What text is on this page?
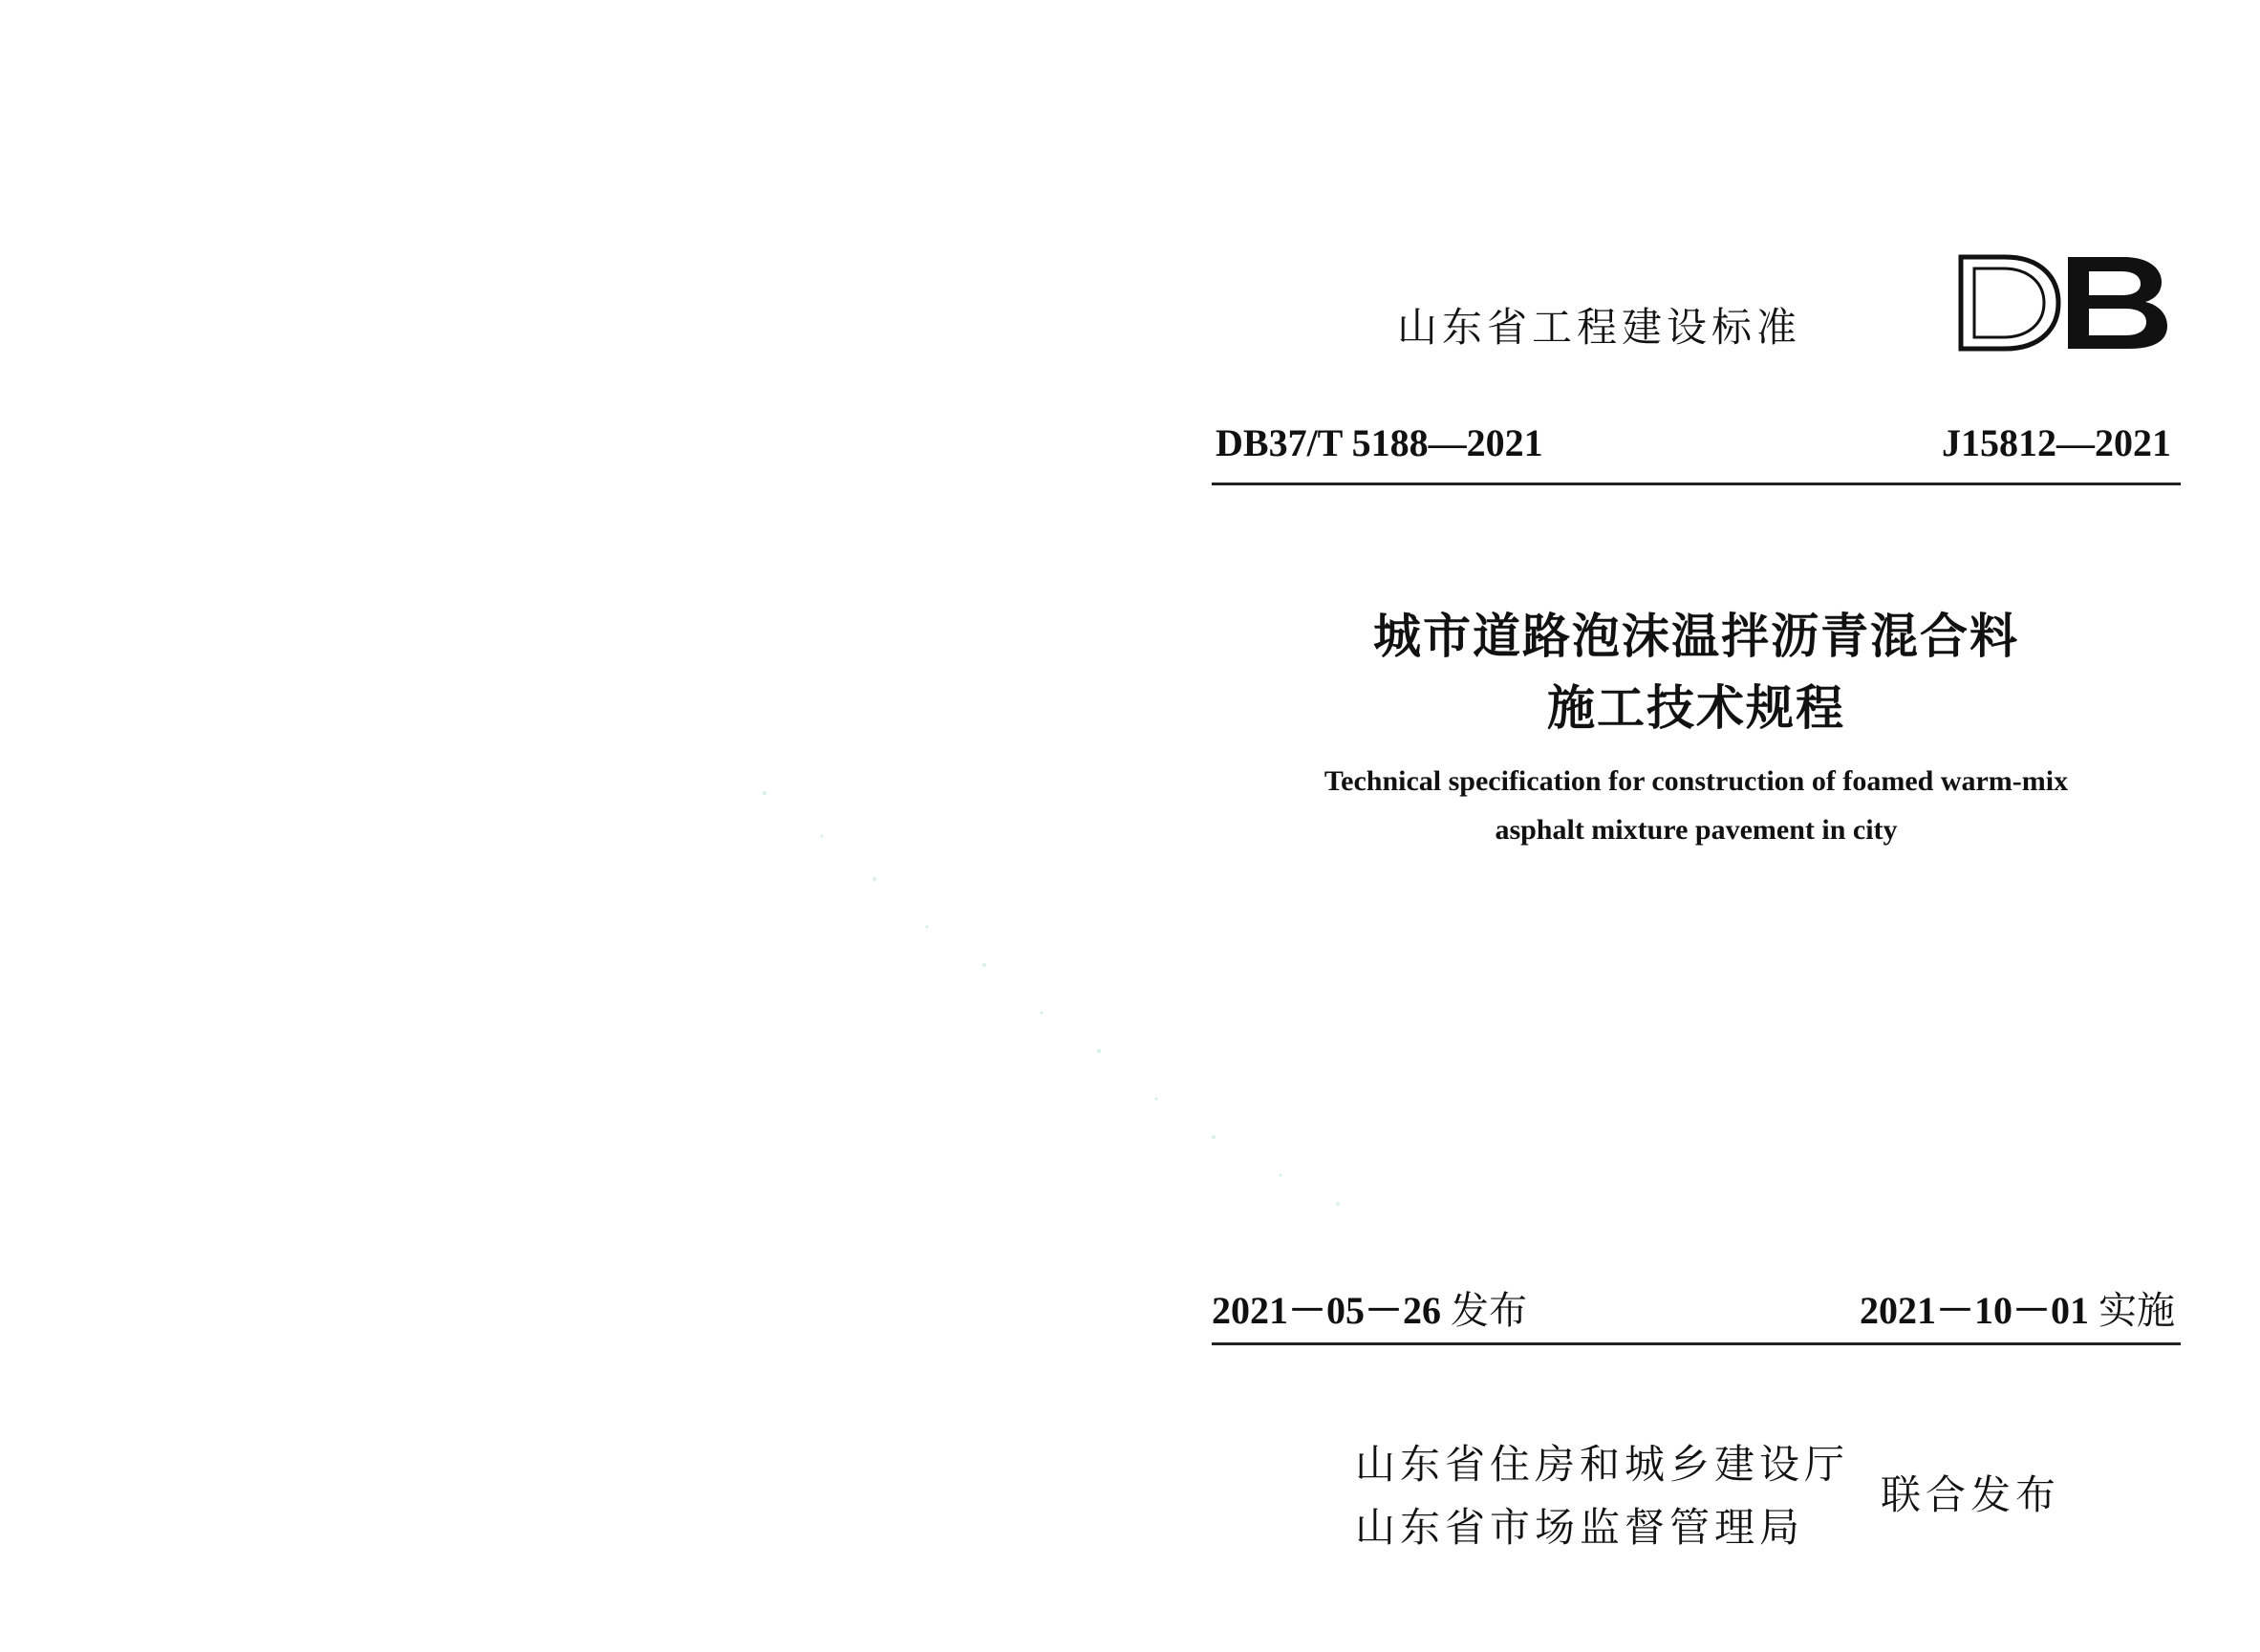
山东省工程建设标准
DB37/T 5188—2021	J15812—2021
城市道路泡沫温拌沥青混合料
施工技术规程
Technical specification for construction of foamed warm-mix
asphalt mixture pavement in city
2021－05－26 发布	2021－10－01 实施
山东省住房和城乡建设厅
山东省市场监督管理局
联合发布
